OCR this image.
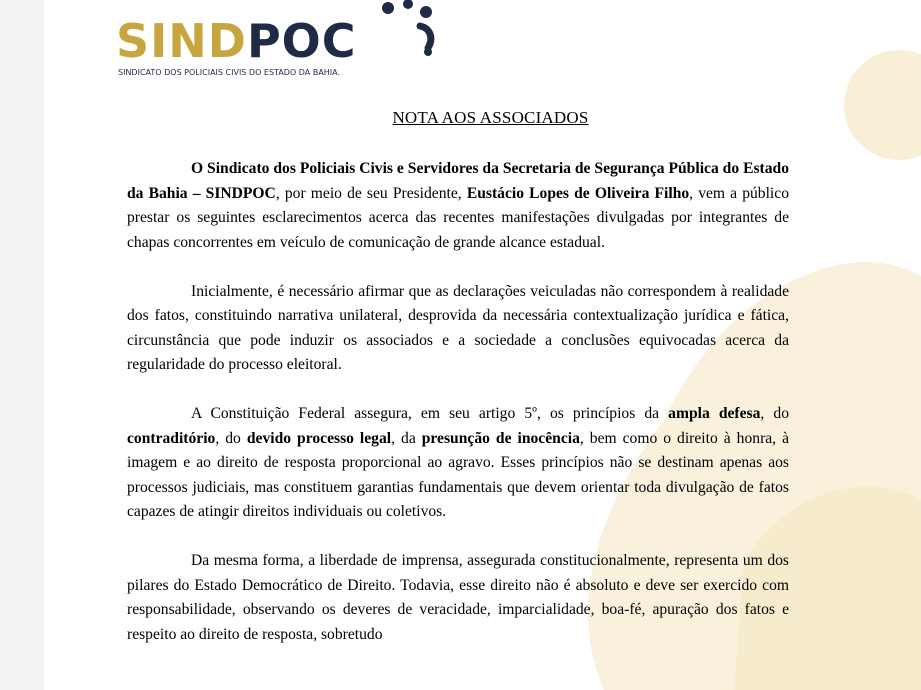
SINDPOC
SINDICATO DOS POLICIAIS CIVIS DO ESTADO DA BAHIA.
NOTA AOS ASSOCIADOS

O Sindicato dos Policiais Civis e Servidores da Secretaria de Segurança Pública do Estado da Bahia – SINDPOC, por meio de seu Presidente, Eustácio Lopes de Oliveira Filho, vem a público prestar os seguintes esclarecimentos acerca das recentes manifestações divulgadas por integrantes de chapas concorrentes em veículo de comunicação de grande alcance estadual.

Inicialmente, é necessário afirmar que as declarações veiculadas não correspondem à realidade dos fatos, constituindo narrativa unilateral, desprovida da necessária contextualização jurídica e fática, circunstância que pode induzir os associados e a sociedade a conclusões equivocadas acerca da regularidade do processo eleitoral.

A Constituição Federal assegura, em seu artigo 5º, os princípios da ampla defesa, do contraditório, do devido processo legal, da presunção de inocência, bem como o direito à honra, à imagem e ao direito de resposta proporcional ao agravo. Esses princípios não se destinam apenas aos processos judiciais, mas constituem garantias fundamentais que devem orientar toda divulgação de fatos capazes de atingir direitos individuais ou coletivos.

Da mesma forma, a liberdade de imprensa, assegurada constitucionalmente, representa um dos pilares do Estado Democrático de Direito. Todavia, esse direito não é absoluto e deve ser exercido com responsabilidade, observando os deveres de veracidade, imparcialidade, boa-fé, apuração dos fatos e respeito ao direito de resposta, sobretudo
